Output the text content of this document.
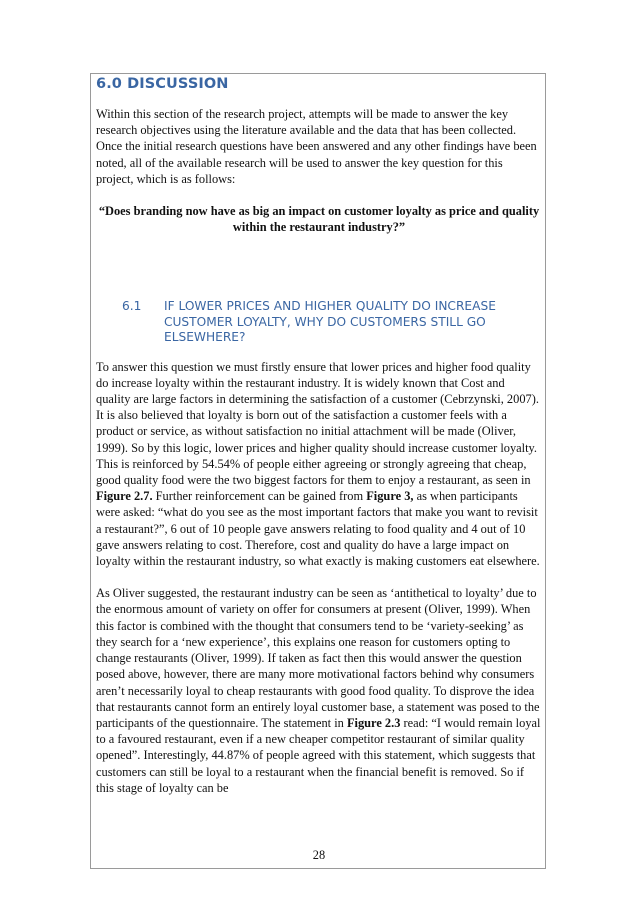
6.0 DISCUSSION

Within this section of the research project, attempts will be made to answer the key research objectives using the literature available and the data that has been collected. Once the initial research questions have been answered and any other findings have been noted, all of the available research will be used to answer the key question for this project, which is as follows:

“Does branding now have as big an impact on customer loyalty as price and quality within the restaurant industry?”

6.1	IF LOWER PRICES AND HIGHER QUALITY DO INCREASE CUSTOMER LOYALTY, WHY DO CUSTOMERS STILL GO ELSEWHERE?

To answer this question we must firstly ensure that lower prices and higher food quality do increase loyalty within the restaurant industry. It is widely known that Cost and quality are large factors in determining the satisfaction of a customer (Cebrzynski, 2007). It is also believed that loyalty is born out of the satisfaction a customer feels with a product or service, as without satisfaction no initial attachment will be made (Oliver, 1999). So by this logic, lower prices and higher quality should increase customer loyalty. This is reinforced by 54.54% of people either agreeing or strongly agreeing that cheap, good quality food were the two biggest factors for them to enjoy a restaurant, as seen in Figure 2.7. Further reinforcement can be gained from Figure 3, as when participants were asked: “what do you see as the most important factors that make you want to revisit a restaurant?”, 6 out of 10 people gave answers relating to food quality and 4 out of 10 gave answers relating to cost. Therefore, cost and quality do have a large impact on loyalty within the restaurant industry, so what exactly is making customers eat elsewhere.

As Oliver suggested, the restaurant industry can be seen as ‘antithetical to loyalty’ due to the enormous amount of variety on offer for consumers at present (Oliver, 1999). When this factor is combined with the thought that consumers tend to be ‘variety-seeking’ as they search for a ‘new experience’, this explains one reason for customers opting to change restaurants (Oliver, 1999). If taken as fact then this would answer the question posed above, however, there are many more motivational factors behind why consumers aren’t necessarily loyal to cheap restaurants with good food quality. To disprove the idea that restaurants cannot form an entirely loyal customer base, a statement was posed to the participants of the questionnaire. The statement in Figure 2.3 read: “I would remain loyal to a favoured restaurant, even if a new cheaper competitor restaurant of similar quality opened”. Interestingly, 44.87% of people agreed with this statement, which suggests that customers can still be loyal to a restaurant when the financial benefit is removed. So if this stage of loyalty can be

28
